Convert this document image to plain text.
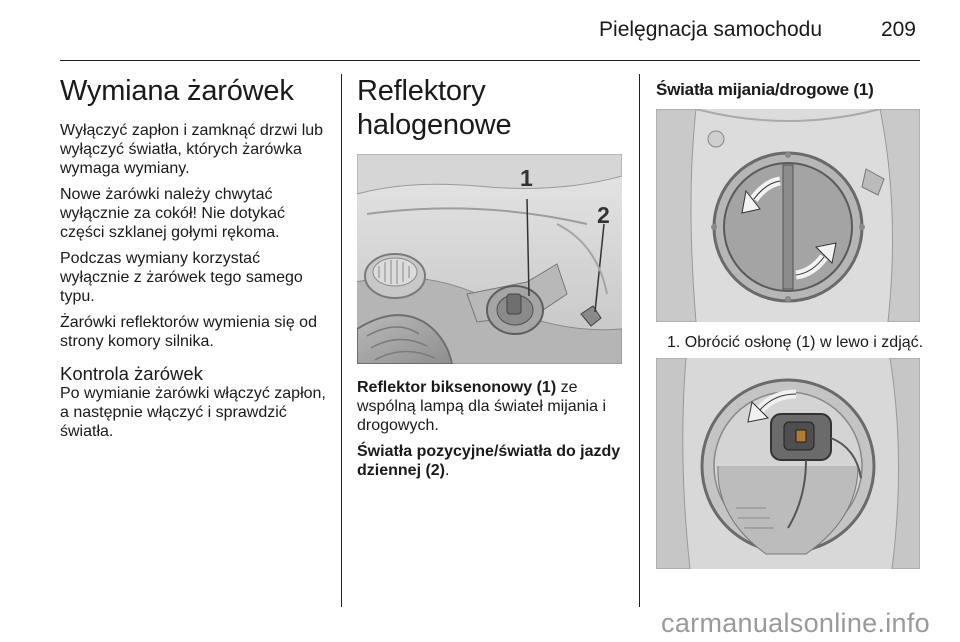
Pielęgnacja samochodu	209
Wymiana żarówek

Wyłączyć zapłon i zamknąć drzwi lub wyłączyć światła, których żarówka wymaga wymiany.

Nowe żarówki należy chwytać wyłącznie za cokół! Nie dotykać części szklanej gołymi rękoma.

Podczas wymiany korzystać wyłącznie z żarówek tego samego typu.

Żarówki reflektorów wymienia się od strony komory silnika.

Kontrola żarówek

Po wymianie żarówki włączyć zapłon, a następnie włączyć i sprawdzić światła.

Reflektory halogenowe
1
2

Reflektor biksenonowy (1) ze wspólną lampą dla świateł mijania i drogowych.

Światła pozycyjne/światła do jazdy dziennej (2).

Światła mijania/drogowe (1)
1. Obrócić osłonę (1) w lewo i zdjąć.
carmanualsonline.info
